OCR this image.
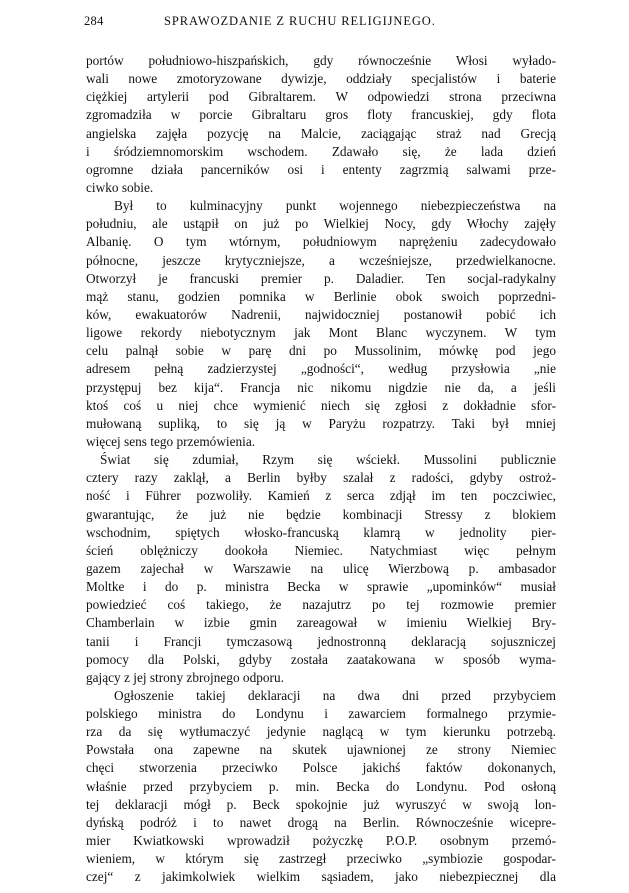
284	SPRAWOZDANIE Z RUCHU RELIGIJNEGO.
portów południowo-hiszpańskich, gdy równocześnie Włosi wyłado-
wali nowe zmotoryzowane dywizje, oddziały specjalistów i baterie
ciężkiej artylerii pod Gibraltarem. W odpowiedzi strona przeciwna
zgromadziła w porcie Gibraltaru gros floty francuskiej, gdy flota
angielska zajęła pozycję na Malcie, zaciągając straż nad Grecją
i śródziemnomorskim wschodem. Zdawało się, że lada dzień
ogromne działa pancerników osi i ententy zagrzmią salwami prze-
ciwko sobie.
Był to kulminacyjny punkt wojennego niebezpieczeństwa na
południu, ale ustąpił on już po Wielkiej Nocy, gdy Włochy zajęły
Albanię. O tym wtórnym, południowym naprężeniu zadecydowało
północne, jeszcze krytyczniejsze, a wcześniejsze, przedwielkanocne.
Otworzył je francuski premier p. Daladier. Ten socjal-radykalny
mąż stanu, godzien pomnika w Berlinie obok swoich poprzedni-
ków, ewakuatorów Nadrenii, najwidoczniej postanowił pobić ich
ligowe rekordy niebotycznym jak Mont Blanc wyczynem. W tym
celu palnął sobie w parę dni po Mussolinim, mówkę pod jego
adresem pełną zadzierzystej „godności“, według przysłowia „nie
przystępuj bez kija“. Francja nic nikomu nigdzie nie da, a jeśli
ktoś coś u niej chce wymienić niech się zgłosi z dokładnie sfor-
mułowaną supliką, to się ją w Paryżu rozpatrzy. Taki był mniej
więcej sens tego przemówienia.
Świat się zdumiał, Rzym się wściekł. Mussolini publicznie
cztery razy zaklął, a Berlin byłby szalał z radości, gdyby ostroż-
ność i Führer pozwoliły. Kamień z serca zdjął im ten poczciwiec,
gwarantując, że już nie będzie kombinacji Stressy z blokiem
wschodnim, spiętych włosko-francuską klamrą w jednolity pier-
ścień oblężniczy dookoła Niemiec. Natychmiast więc pełnym
gazem zajechał w Warszawie na ulicę Wierzbową p. ambasador
Moltke i do p. ministra Becka w sprawie „upominków“ musiał
powiedzieć coś takiego, że nazajutrz po tej rozmowie premier
Chamberlain w izbie gmin zareagował w imieniu Wielkiej Bry-
tanii i Francji tymczasową jednostronną deklaracją sojuszniczej
pomocy dla Polski, gdyby została zaatakowana w sposób wyma-
gający z jej strony zbrojnego odporu.
Ogłoszenie takiej deklaracji na dwa dni przed przybyciem
polskiego ministra do Londynu i zawarciem formalnego przymie-
rza da się wytłumaczyć jedynie naglącą w tym kierunku potrzebą.
Powstała ona zapewne na skutek ujawnionej ze strony Niemiec
chęci stworzenia przeciwko Polsce jakichś faktów dokonanych,
właśnie przed przybyciem p. min. Becka do Londynu. Pod osłoną
tej deklaracji mógł p. Beck spokojnie już wyruszyć w swoją lon-
dyńską podróż i to nawet drogą na Berlin. Równocześnie wicepre-
mier Kwiatkowski wprowadził pożyczkę P.O.P. osobnym przemó-
wieniem, w którym się zastrzegł przeciwko „symbiozie gospodar-
czej“ z jakimkolwiek wielkim sąsiadem, jako niebezpiecznej dla
